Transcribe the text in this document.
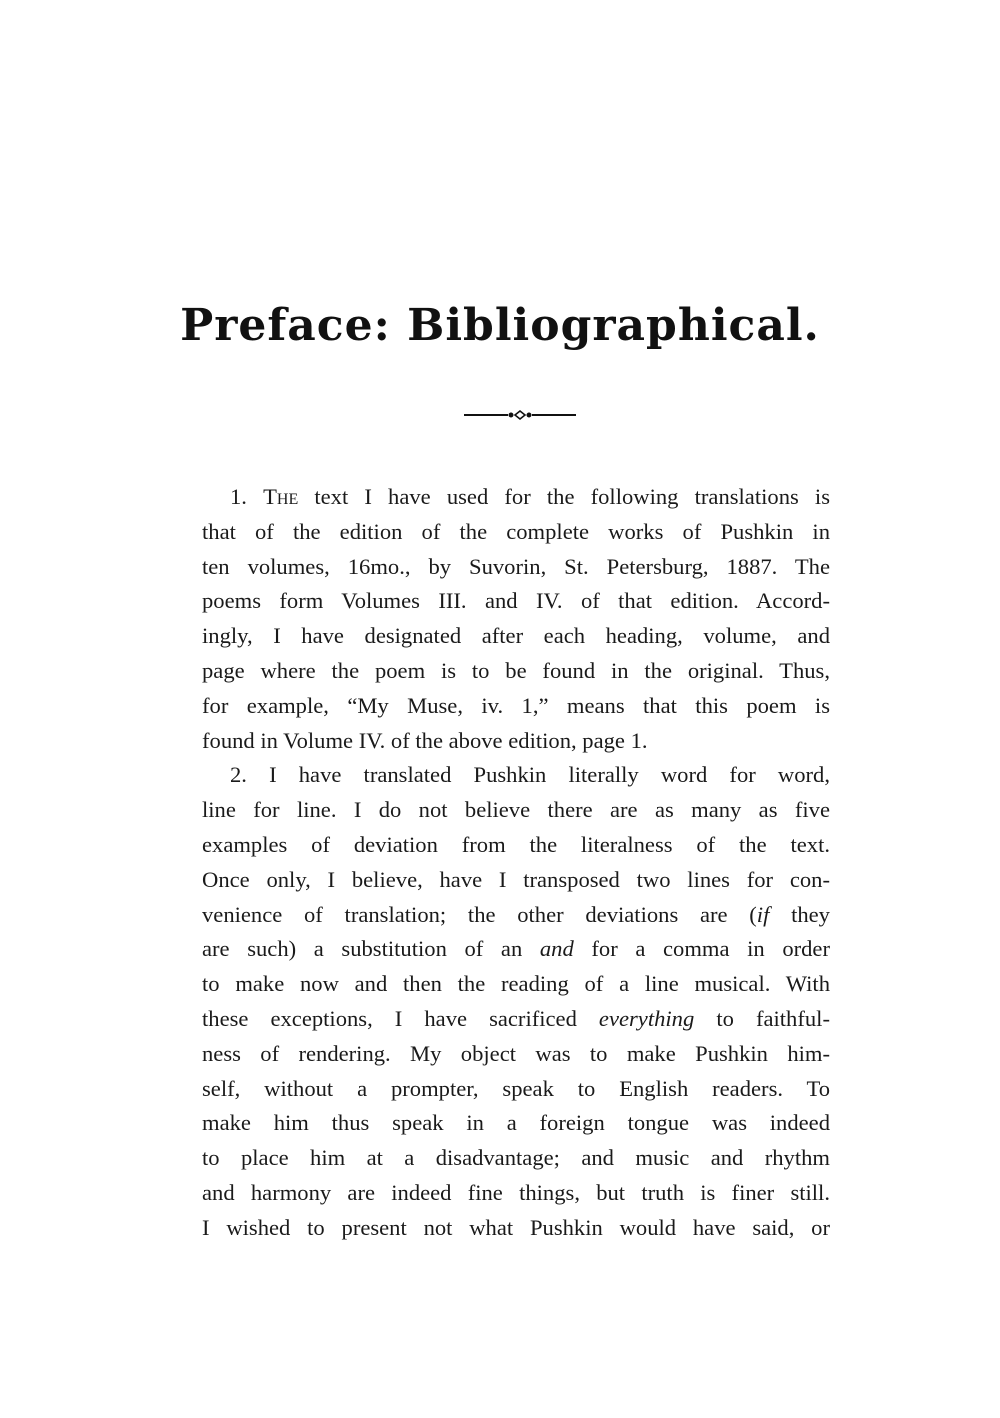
Preface: Bibliographical.
1. The text I have used for the following translations is
that of the edition of the complete works of Pushkin in
ten volumes, 16mo., by Suvorin, St. Petersburg, 1887. The
poems form Volumes III. and IV. of that edition. Accord-
ingly, I have designated after each heading, volume, and
page where the poem is to be found in the original. Thus,
for example, “My Muse, iv. 1,” means that this poem is
found in Volume IV. of the above edition, page 1.
2. I have translated Pushkin literally word for word,
line for line. I do not believe there are as many as five
examples of deviation from the literalness of the text.
Once only, I believe, have I transposed two lines for con-
venience of translation; the other deviations are (if they
are such) a substitution of an and for a comma in order
to make now and then the reading of a line musical. With
these exceptions, I have sacrificed everything to faithful-
ness of rendering. My object was to make Pushkin him-
self, without a prompter, speak to English readers. To
make him thus speak in a foreign tongue was indeed
to place him at a disadvantage; and music and rhythm
and harmony are indeed fine things, but truth is finer still.
I wished to present not what Pushkin would have said, or
